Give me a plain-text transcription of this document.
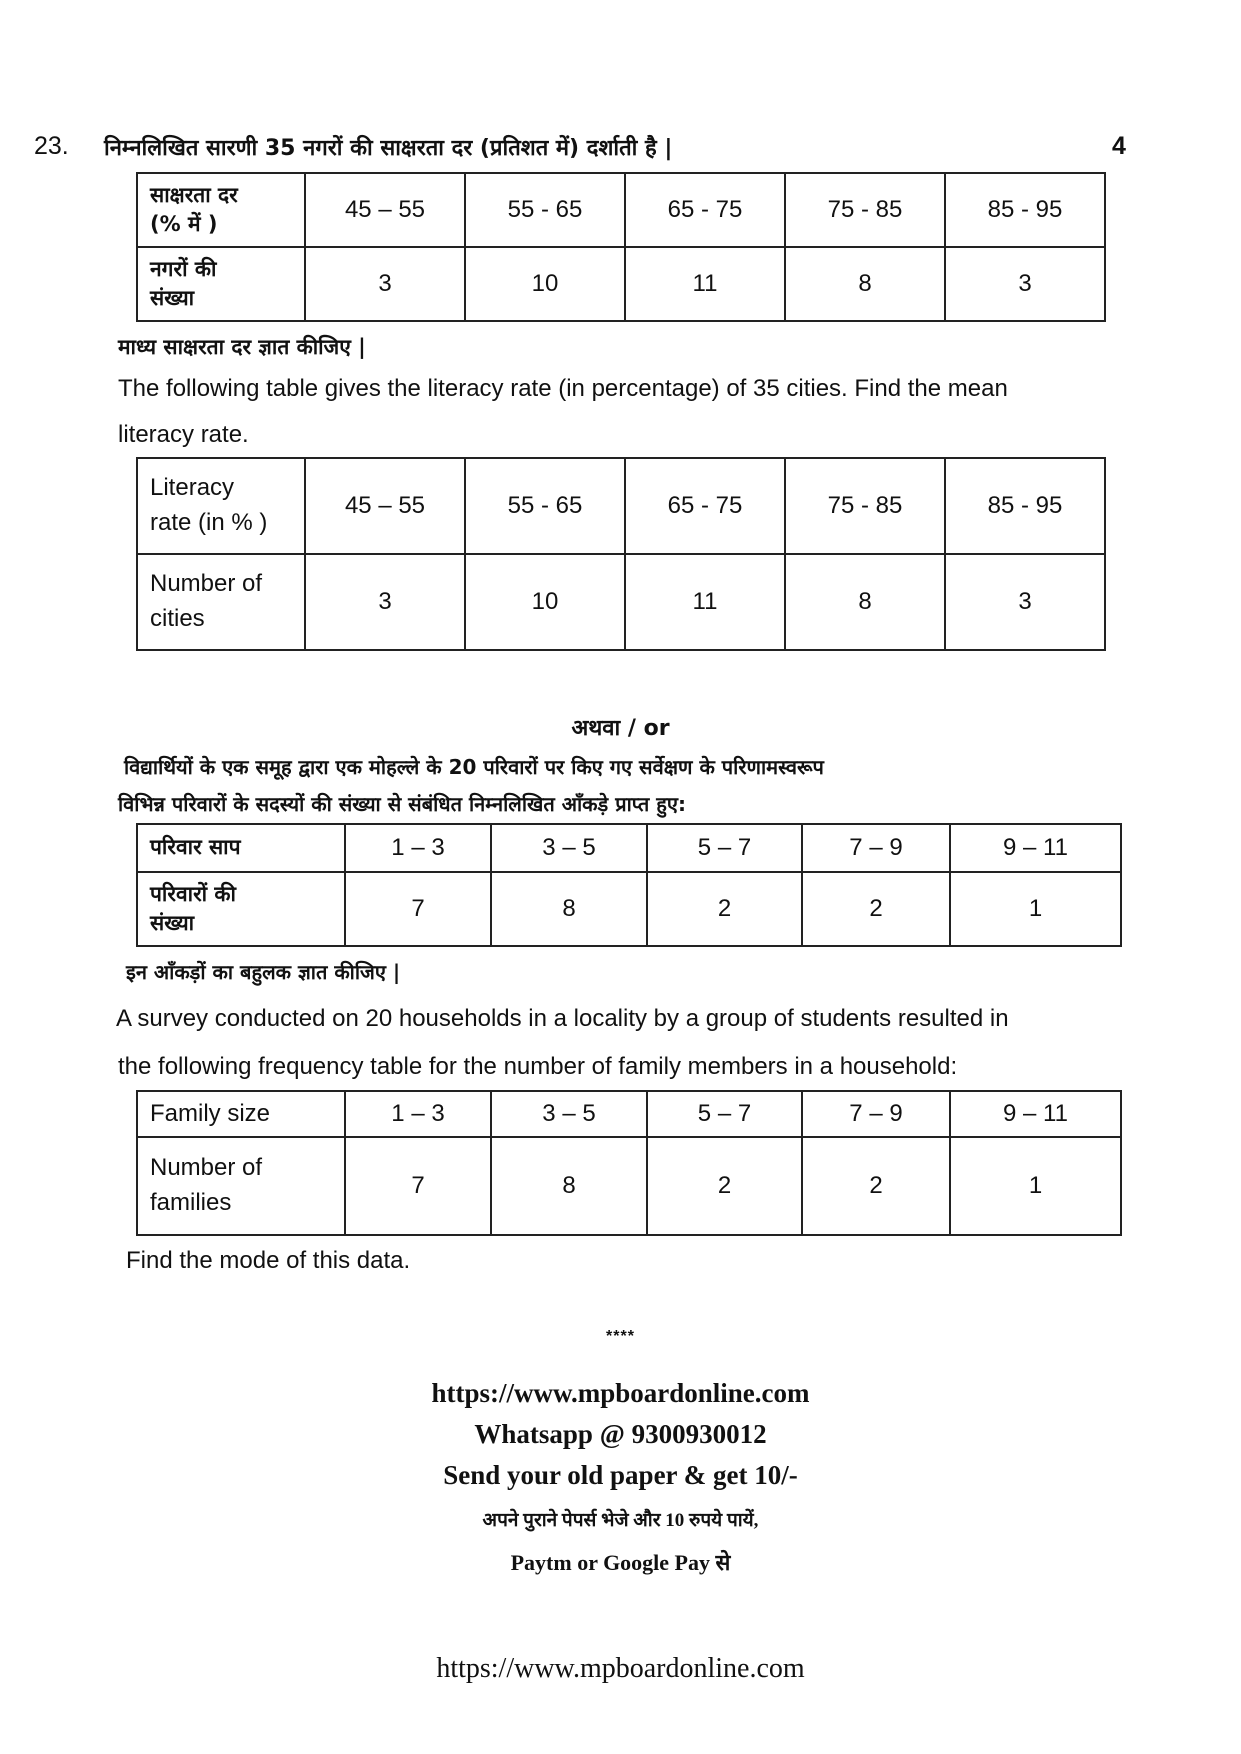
23. निम्नलिखित सारणी 35 नगरों की साक्षरता दर (प्रतिशत में) दर्शाती है |	4
साक्षरता दर
(% में )	45 – 55	55 - 65	65 - 75	75 - 85	85 - 95

नगरों की
संख्या	3	10	11	8	3
माध्य साक्षरता दर ज्ञात कीजिए |
The following table gives the literacy rate (in percentage) of 35 cities. Find the mean
literacy rate.
Literacy
rate (in % )	45 – 55	55 - 65	65 - 75	75 - 85	85 - 95

Number of
cities	3	10	11	8	3
अथवा / or
विद्यार्थियों के एक समूह द्वारा एक मोहल्ले के 20 परिवारों पर किए गए सर्वेक्षण के परिणामस्वरूप
विभिन्न परिवारों के सदस्यों की संख्या से संबंधित निम्नलिखित आँकड़े प्राप्त हुए:
परिवार साप	1 – 3	3 – 5	5 – 7	7 – 9	9 – 11

परिवारों की
संख्या	7	8	2	2	1
इन आँकड़ों का बहुलक ज्ञात कीजिए |
A survey conducted on 20 households in a locality by a group of students resulted in
the following frequency table for the number of family members in a household:
Family size	1 – 3	3 – 5	5 – 7	7 – 9	9 – 11

Number of
families	7	8	2	2	1
Find the mode of this data.
****
https://www.mpboardonline.com
Whatsapp @ 9300930012
Send your old paper & get 10/-
अपने पुराने पेपर्स भेजे और 10 रुपये पायें,
Paytm or Google Pay से
https://www.mpboardonline.com
